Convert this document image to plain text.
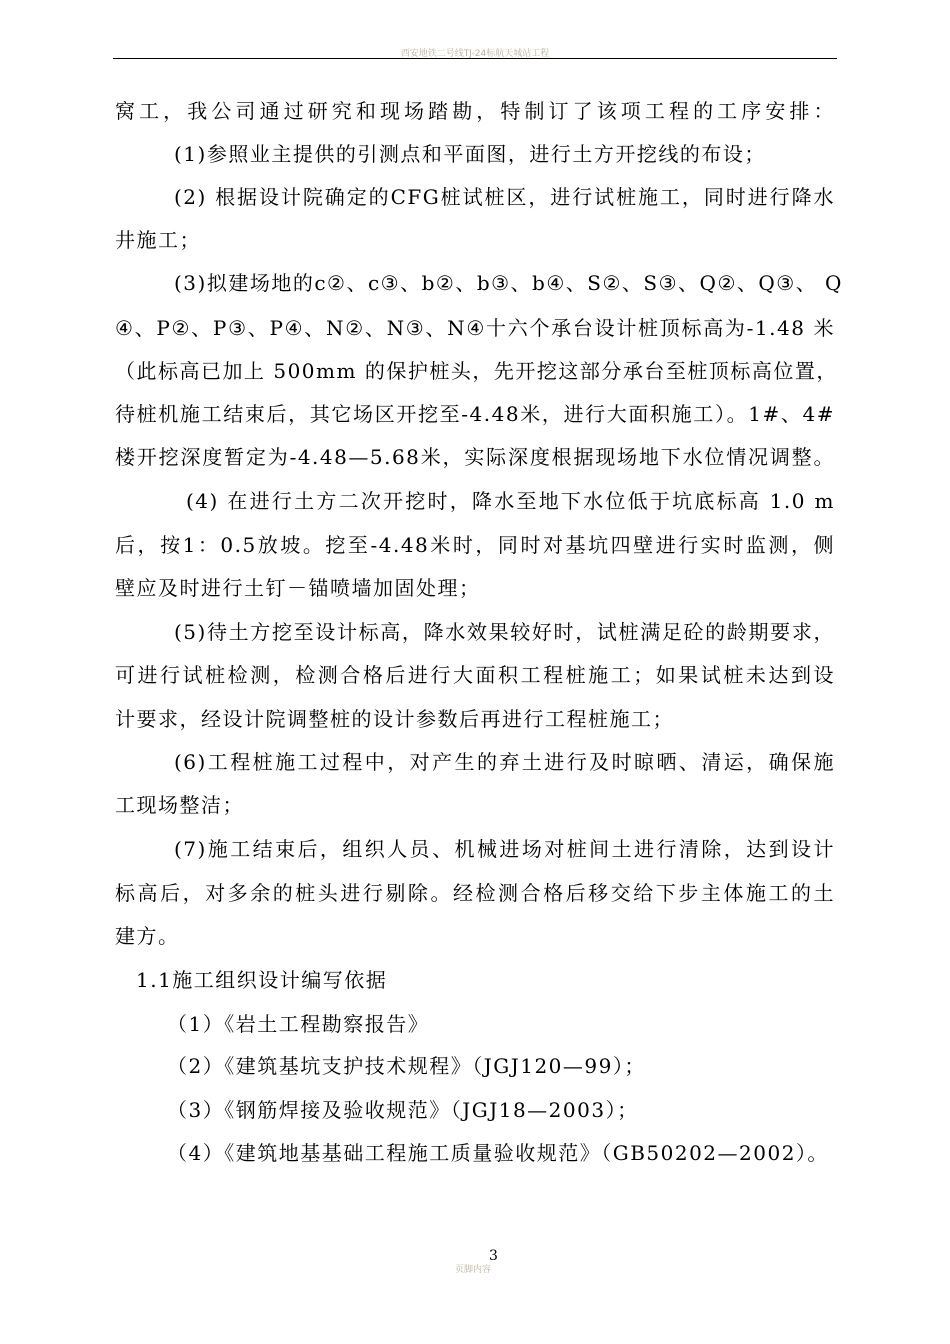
西安地铁二号线TJ-24标航天城站工程
窝工，我公司通过研究和现场踏勘，特制订了该项工程的工序安排：
(1)参照业主提供的引测点和平面图，进行土方开挖线的布设；
(2) 根据设计院确定的CFG桩试桩区，进行试桩施工，同时进行降水
井施工；
(3)拟建场地的c②、c③、b②、b③、b④、S②、S③、Q②、Q③、 Q
④、P②、P③、P④、N②、N③、N④十六个承台设计桩顶标高为-1.48 米
（此标高已加上 500mm 的保护桩头，先开挖这部分承台至桩顶标高位置，
待桩机施工结束后，其它场区开挖至-4.48米，进行大面积施工）。1#、4#
楼开挖深度暂定为-4.48—5.68米，实际深度根据现场地下水位情况调整。
(4) 在进行土方二次开挖时，降水至地下水位低于坑底标高 1.0 m
后，按1：0.5放坡。挖至-4.48米时，同时对基坑四壁进行实时监测，侧
壁应及时进行土钉－锚喷墙加固处理；
(5)待土方挖至设计标高，降水效果较好时，试桩满足砼的龄期要求，
可进行试桩检测，检测合格后进行大面积工程桩施工；如果试桩未达到设
计要求，经设计院调整桩的设计参数后再进行工程桩施工；
(6)工程桩施工过程中，对产生的弃土进行及时晾晒、清运，确保施
工现场整洁；
(7)施工结束后，组织人员、机械进场对桩间土进行清除，达到设计
标高后，对多余的桩头进行剔除。经检测合格后移交给下步主体施工的土
建方。
1.1施工组织设计编写依据
（1）《岩土工程勘察报告》
（2）《建筑基坑支护技术规程》（JGJ120—99）；
（3）《钢筋焊接及验收规范》（JGJ18—2003）；
（4）《建筑地基基础工程施工质量验收规范》（GB50202—2002）。
页脚内容
3
